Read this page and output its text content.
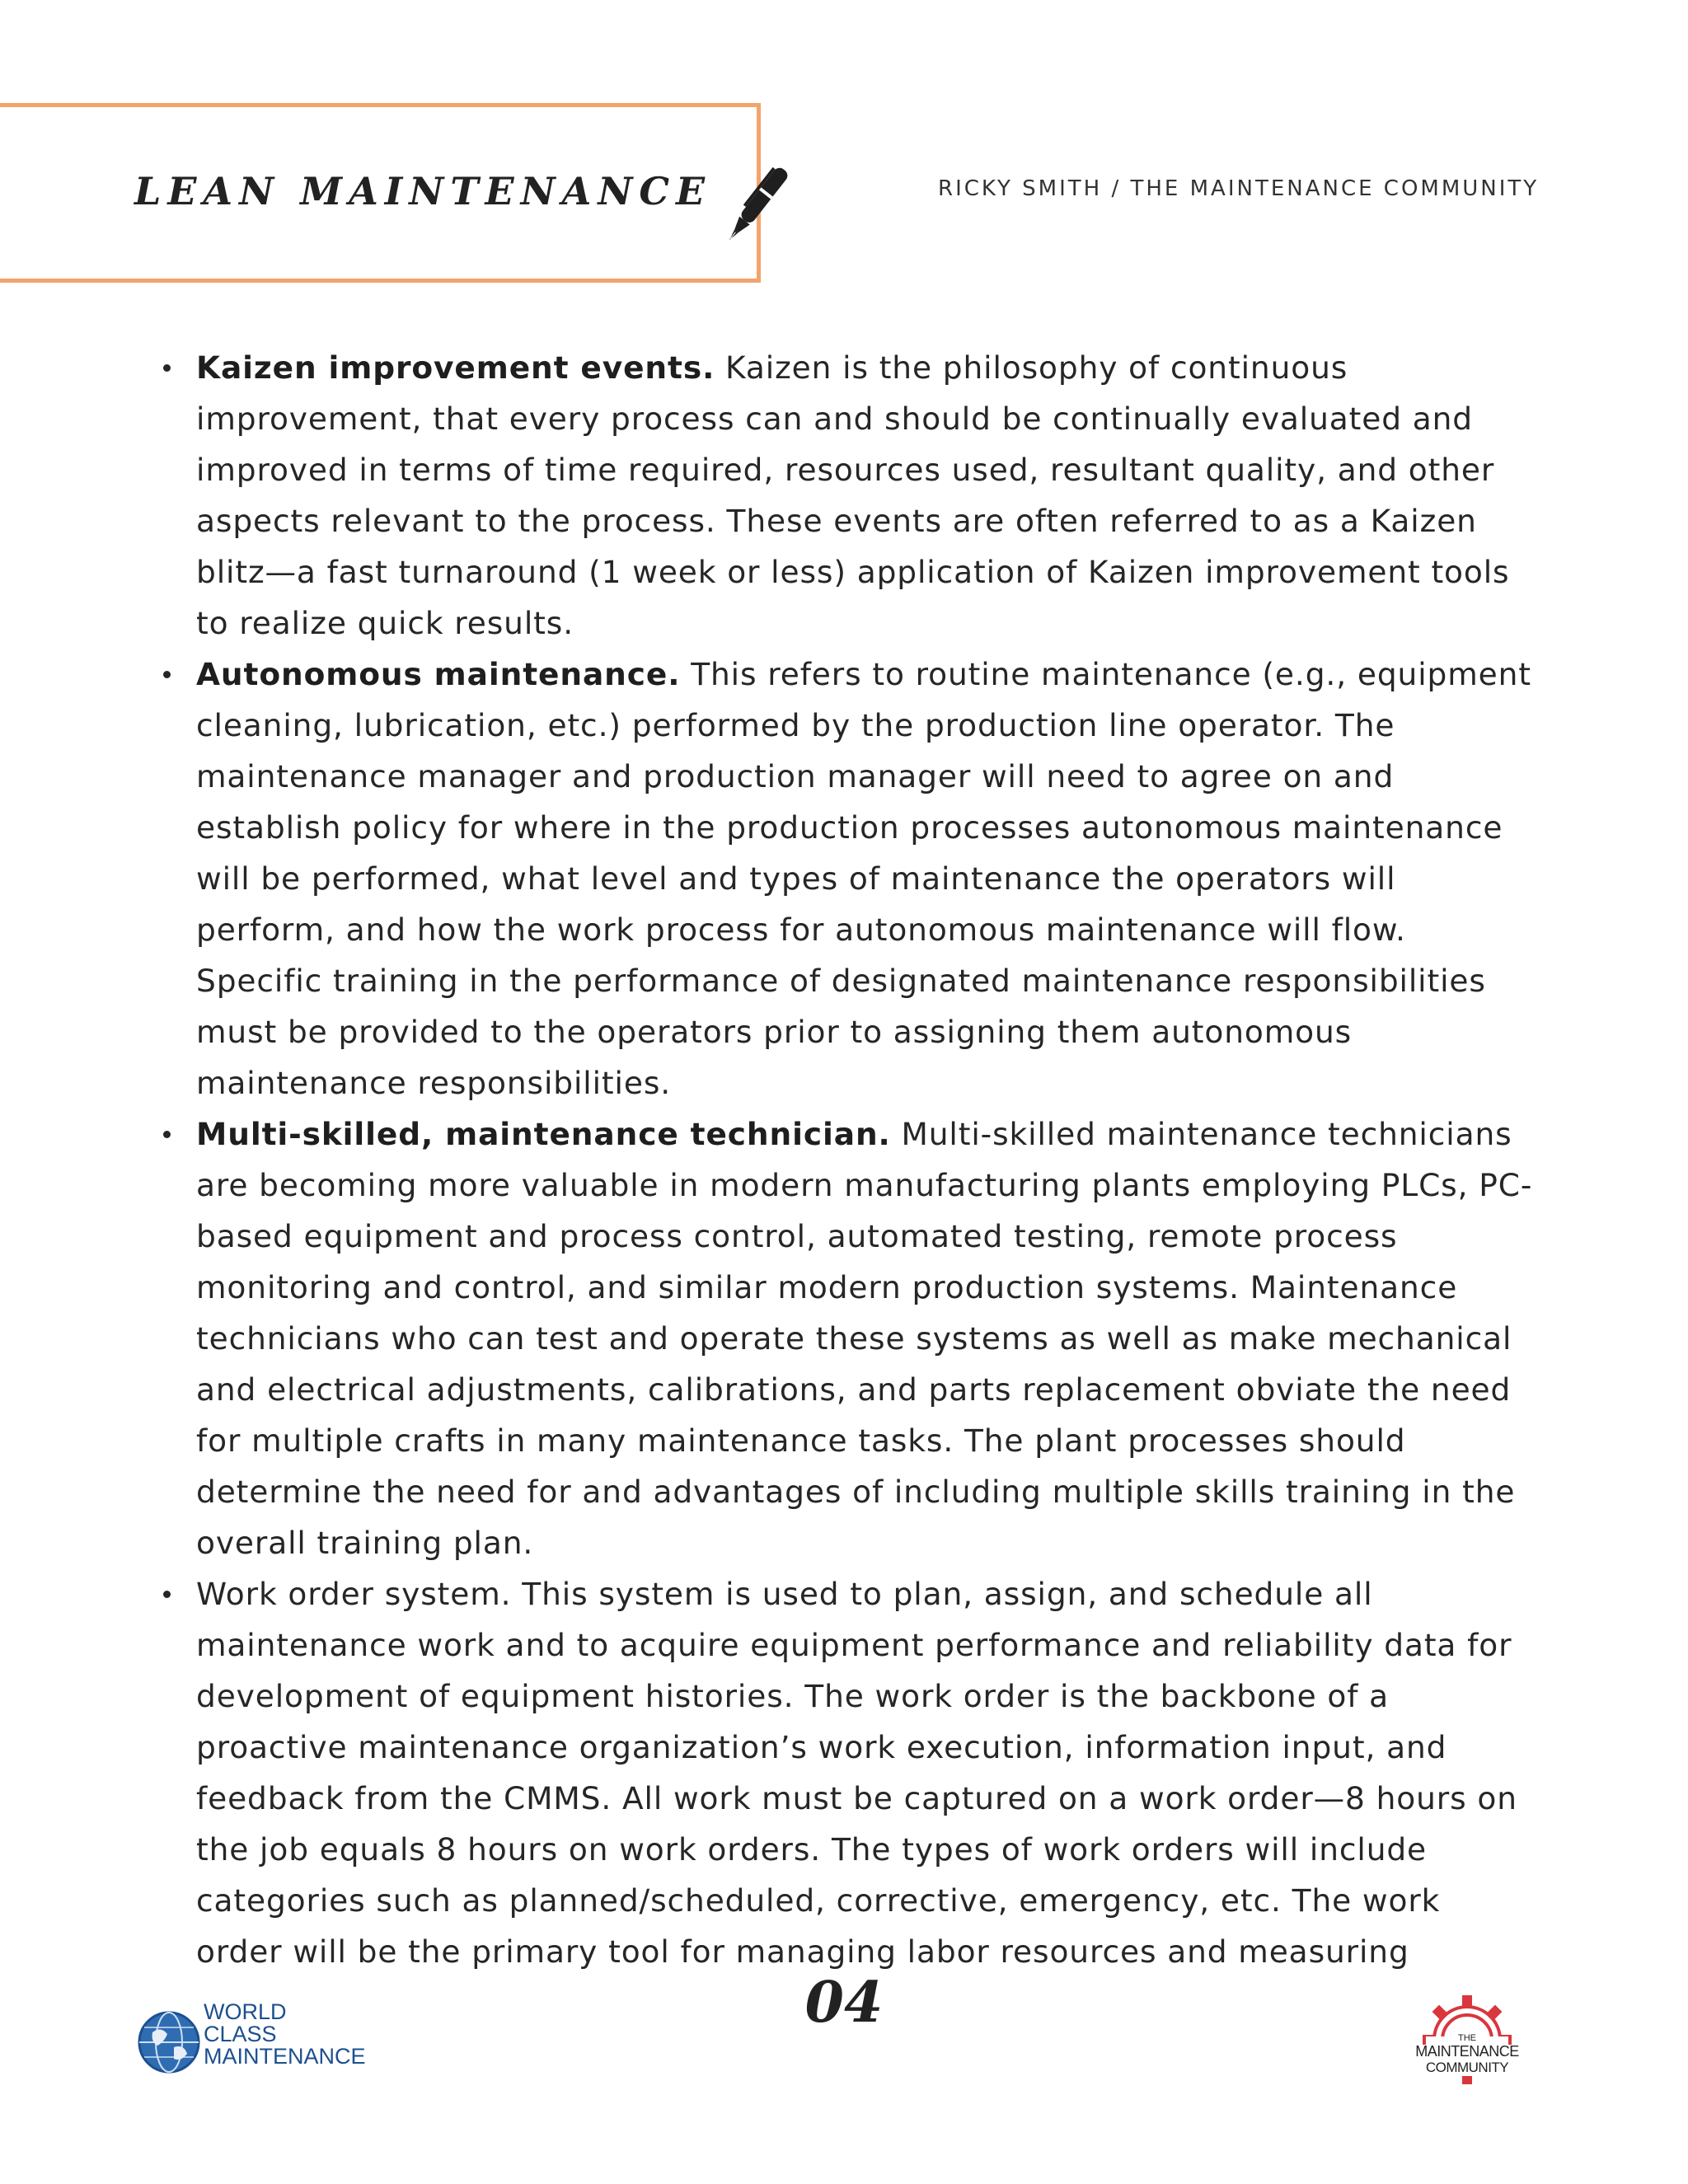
LEAN MAINTENANCE	RICKY SMITH / THE MAINTENANCE COMMUNITY
Kaizen improvement events. Kaizen is the philosophy of continuous improvement, that every process can and should be continually evaluated and improved in terms of time required, resources used, resultant quality, and other aspects relevant to the process. These events are often referred to as a Kaizen blitz—a fast turnaround (1 week or less) application of Kaizen improvement tools to realize quick results.
Autonomous maintenance. This refers to routine maintenance (e.g., equipment cleaning, lubrication, etc.) performed by the production line operator. The maintenance manager and production manager will need to agree on and establish policy for where in the production processes autonomous maintenance will be performed, what level and types of maintenance the operators will perform, and how the work process for autonomous maintenance will flow. Specific training in the performance of designated maintenance responsibilities must be provided to the operators prior to assigning them autonomous maintenance responsibilities.
Multi-skilled, maintenance technician. Multi-skilled maintenance technicians are becoming more valuable in modern manufacturing plants employing PLCs, PC-based equipment and process control, automated testing, remote process monitoring and control, and similar modern production systems. Maintenance technicians who can test and operate these systems as well as make mechanical and electrical adjustments, calibrations, and parts replacement obviate the need for multiple crafts in many maintenance tasks. The plant processes should determine the need for and advantages of including multiple skills training in the overall training plan.
Work order system. This system is used to plan, assign, and schedule all maintenance work and to acquire equipment performance and reliability data for development of equipment histories. The work order is the backbone of a proactive maintenance organization’s work execution, information input, and feedback from the CMMS. All work must be captured on a work order—8 hours on the job equals 8 hours on work orders. The types of work orders will include categories such as planned/scheduled, corrective, emergency, etc. The work order will be the primary tool for managing labor resources and measuring
WORLD
CLASS
MAINTENANCE
04
THE
MAINTENANCE
COMMUNITY
